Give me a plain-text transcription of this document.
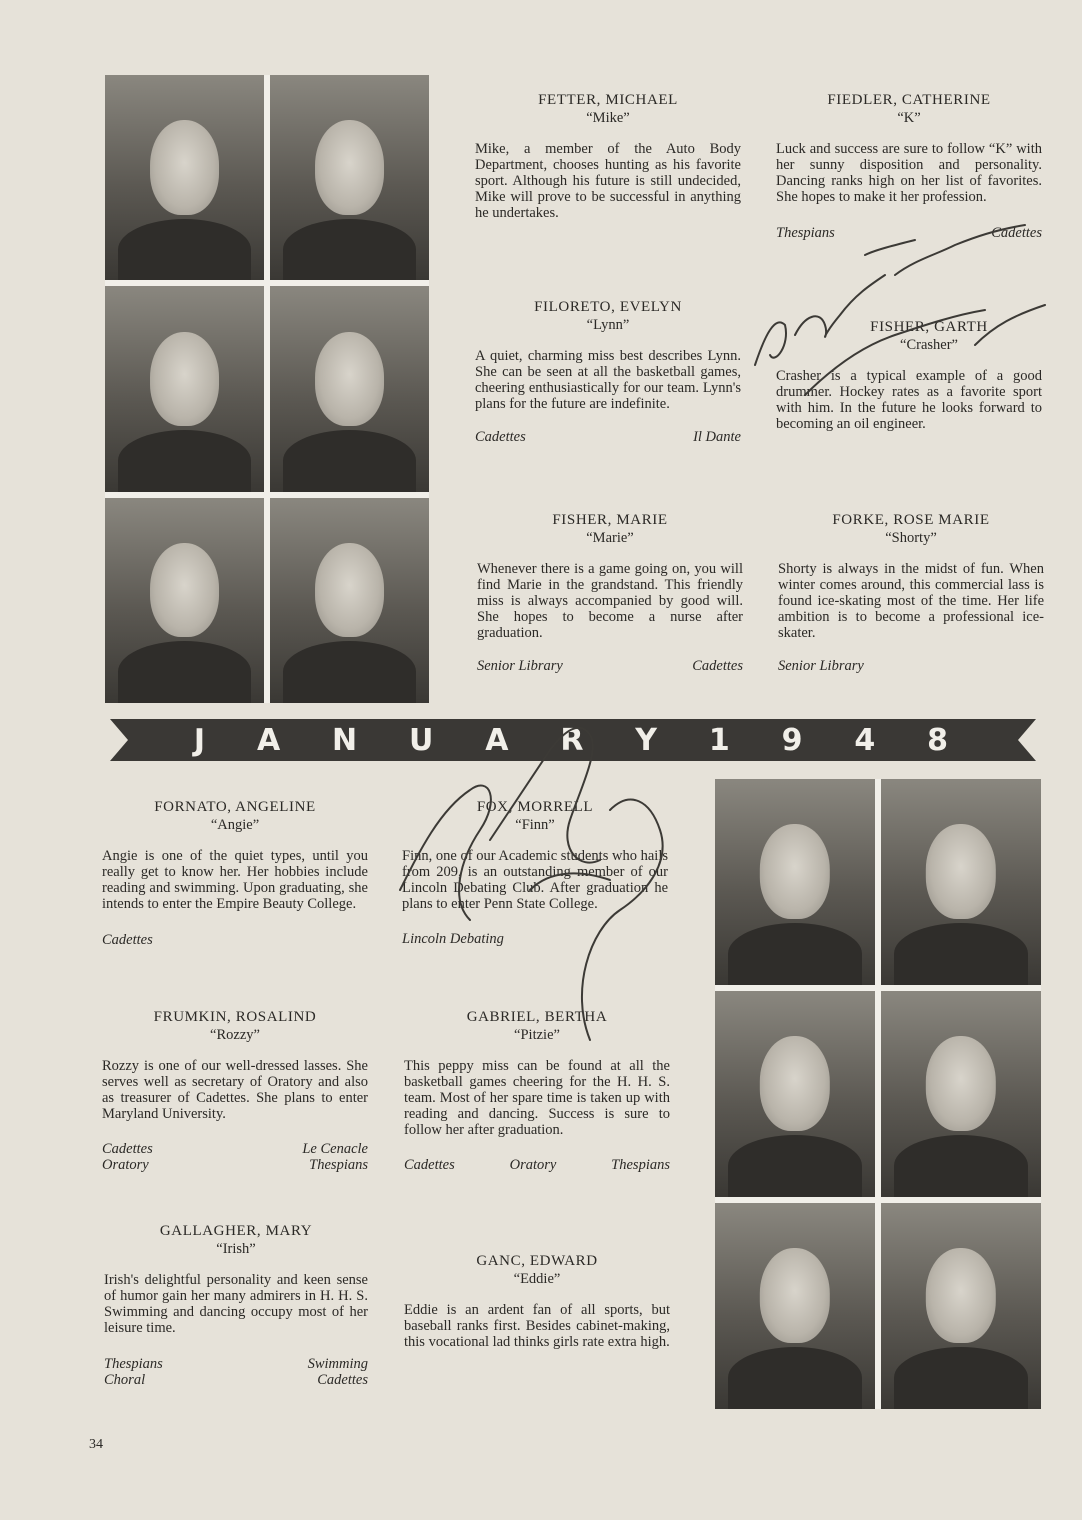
FETTER, MICHAEL
“Mike”
Mike, a member of the Auto Body Department, chooses hunting as his favorite sport. Although his future is still undecided, Mike will prove to be successful in anything he undertakes.
FIEDLER, CATHERINE
“K”
Luck and success are sure to follow “K” with her sunny disposition and personality. Dancing ranks high on her list of favorites. She hopes to make it her profession.
Thespians	Cadettes
FILORETO, EVELYN
“Lynn”
A quiet, charming miss best describes Lynn. She can be seen at all the basketball games, cheering enthusiastically for our team. Lynn's plans for the future are indefinite.
Cadettes	Il Dante
FISHER, GARTH
“Crasher”
Crasher is a typical example of a good drummer. Hockey rates as a favorite sport with him. In the future he looks forward to becoming an oil engineer.
FISHER, MARIE
“Marie”
Whenever there is a game going on, you will find Marie in the grandstand. This friendly miss is always accompanied by good will. She hopes to become a nurse after graduation.
Senior Library	Cadettes
FORKE, ROSE MARIE
“Shorty”
Shorty is always in the midst of fun. When winter comes around, this commercial lass is found ice-skating most of the time. Her life ambition is to become a professional ice-skater.
Senior Library
J A N U A R Y 1 9 4 8
FORNATO, ANGELINE
“Angie”
Angie is one of the quiet types, until you really get to know her. Her hobbies include reading and swimming. Upon graduating, she intends to enter the Empire Beauty College.
Cadettes
FOX, MORRELL
“Finn”
Finn, one of our Academic students who hails from 209, is an outstanding member of our Lincoln Debating Club. After graduation he plans to enter Penn State College.
Lincoln Debating
FRUMKIN, ROSALIND
“Rozzy”
Rozzy is one of our well-dressed lasses. She serves well as secretary of Oratory and also as treasurer of Cadettes. She plans to enter Maryland University.
Cadettes	Le Cenacle
Oratory	Thespians
GABRIEL, BERTHA
“Pitzie”
This peppy miss can be found at all the basketball games cheering for the H. H. S. team. Most of her spare time is taken up with reading and dancing. Success is sure to follow her after graduation.
Cadettes	Oratory	Thespians
GALLAGHER, MARY
“Irish”
Irish's delightful personality and keen sense of humor gain her many admirers in H. H. S. Swimming and dancing occupy most of her leisure time.
Thespians	Swimming
Choral	Cadettes
GANC, EDWARD
“Eddie”
Eddie is an ardent fan of all sports, but baseball ranks first. Besides cabinet-making, this vocational lad thinks girls rate extra high.
34
